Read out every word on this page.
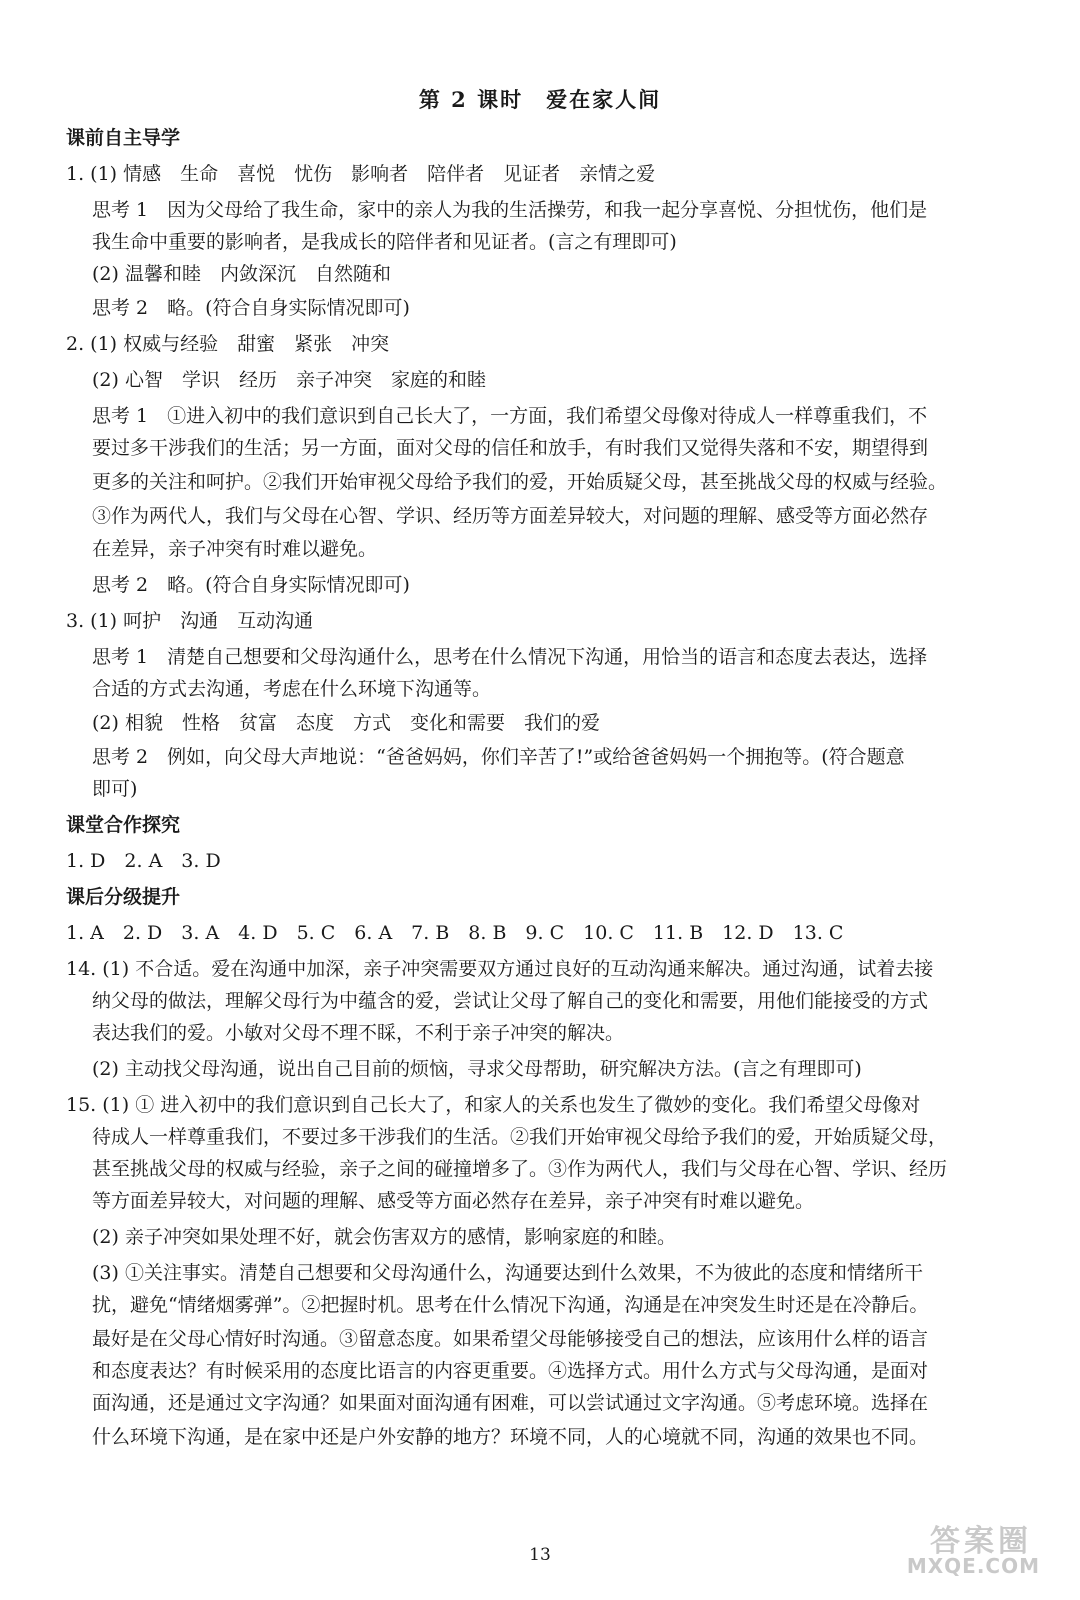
第 2 课时　爱在家人间
课前自主导学
1. (1) 情感　生命　喜悦　忧伤　影响者　陪伴者　见证者　亲情之爱
思考 1　因为父母给了我生命，家中的亲人为我的生活操劳，和我一起分享喜悦、分担忧伤，他们是
我生命中重要的影响者，是我成长的陪伴者和见证者。(言之有理即可)
(2) 温馨和睦　内敛深沉　自然随和
思考 2　略。(符合自身实际情况即可)
2. (1) 权威与经验　甜蜜　紧张　冲突
(2) 心智　学识　经历　亲子冲突　家庭的和睦
思考 1　①进入初中的我们意识到自己长大了，一方面，我们希望父母像对待成人一样尊重我们，不
要过多干涉我们的生活；另一方面，面对父母的信任和放手，有时我们又觉得失落和不安，期望得到
更多的关注和呵护。②我们开始审视父母给予我们的爱，开始质疑父母，甚至挑战父母的权威与经验。
③作为两代人，我们与父母在心智、学识、经历等方面差异较大，对问题的理解、感受等方面必然存
在差异，亲子冲突有时难以避免。
思考 2　略。(符合自身实际情况即可)
3. (1) 呵护　沟通　互动沟通
思考 1　清楚自己想要和父母沟通什么，思考在什么情况下沟通，用恰当的语言和态度去表达，选择
合适的方式去沟通，考虑在什么环境下沟通等。
(2) 相貌　性格　贫富　态度　方式　变化和需要　我们的爱
思考 2　例如，向父母大声地说：“爸爸妈妈，你们辛苦了!”或给爸爸妈妈一个拥抱等。(符合题意
即可)
课堂合作探究
1. D　2. A　3. D
课后分级提升
1. A　2. D　3. A　4. D　5. C　6. A　7. B　8. B　9. C　10. C　11. B　12. D　13. C
14. (1) 不合适。爱在沟通中加深，亲子冲突需要双方通过良好的互动沟通来解决。通过沟通，试着去接
纳父母的做法，理解父母行为中蕴含的爱，尝试让父母了解自己的变化和需要，用他们能接受的方式
表达我们的爱。小敏对父母不理不睬，不利于亲子冲突的解决。
(2) 主动找父母沟通，说出自己目前的烦恼，寻求父母帮助，研究解决方法。(言之有理即可)
15. (1) ① 进入初中的我们意识到自己长大了，和家人的关系也发生了微妙的变化。我们希望父母像对
待成人一样尊重我们，不要过多干涉我们的生活。②我们开始审视父母给予我们的爱，开始质疑父母，
甚至挑战父母的权威与经验，亲子之间的碰撞增多了。③作为两代人，我们与父母在心智、学识、经历
等方面差异较大，对问题的理解、感受等方面必然存在差异，亲子冲突有时难以避免。
(2) 亲子冲突如果处理不好，就会伤害双方的感情，影响家庭的和睦。
(3) ①关注事实。清楚自己想要和父母沟通什么，沟通要达到什么效果，不为彼此的态度和情绪所干
扰，避免“情绪烟雾弹”。②把握时机。思考在什么情况下沟通，沟通是在冲突发生时还是在冷静后。
最好是在父母心情好时沟通。③留意态度。如果希望父母能够接受自己的想法，应该用什么样的语言
和态度表达？有时候采用的态度比语言的内容更重要。④选择方式。用什么方式与父母沟通，是面对
面沟通，还是通过文字沟通？如果面对面沟通有困难，可以尝试通过文字沟通。⑤考虑环境。选择在
什么环境下沟通，是在家中还是户外安静的地方？环境不同，人的心境就不同，沟通的效果也不同。
13	答案圈
MXQE.COM
